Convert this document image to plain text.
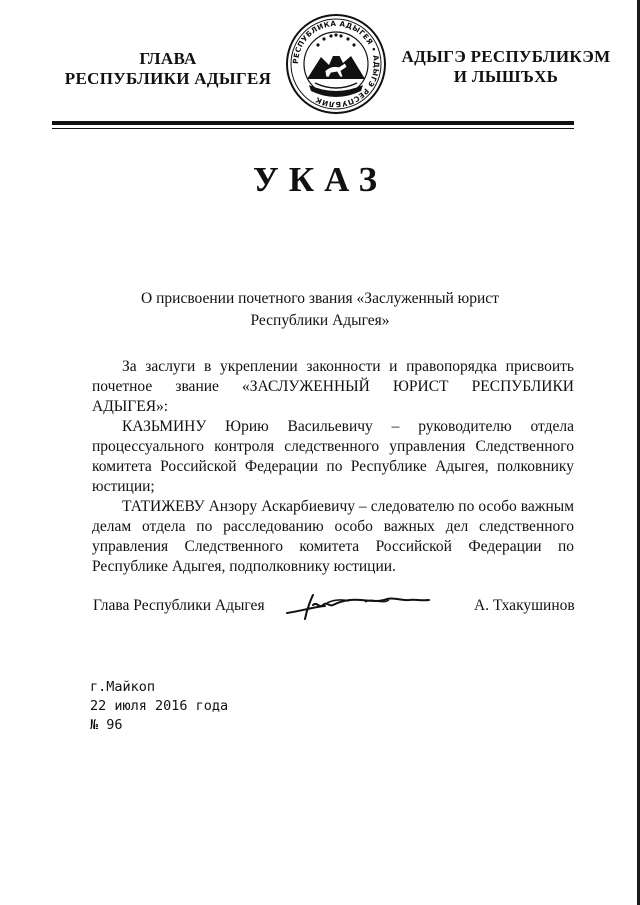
ГЛАВА
РЕСПУБЛИКИ АДЫГЕЯ
РЕСПУБЛИКА АДЫГЕЯ • АДЫГЭ РЕСПУБЛИК
АДЫГЭ РЕСПУБЛИКЭМ
И ЛЫШЪХЬ
УКАЗ
О присвоении почетного звания «Заслуженный юрист
Республики Адыгея»

За заслуги в укреплении законности и правопорядка присвоить почетное звание «ЗАСЛУЖЕННЫЙ ЮРИСТ РЕСПУБЛИКИ АДЫГЕЯ»:

КАЗЬМИНУ Юрию Васильевичу – руководителю отдела процессуального контроля следственного управления Следственного комитета Российской Федерации по Республике Адыгея, полковнику юстиции;

ТАТИЖЕВУ Анзору Аскарбиевичу – следователю по особо важным делам отдела по расследованию особо важных дел следственного управления Следственного комитета Российской Федерации по Республике Адыгея, подполковнику юстиции.

Глава Республики Адыгея	А. Тхакушинов
г.Майкоп
22 июля 2016 года
№ 96
